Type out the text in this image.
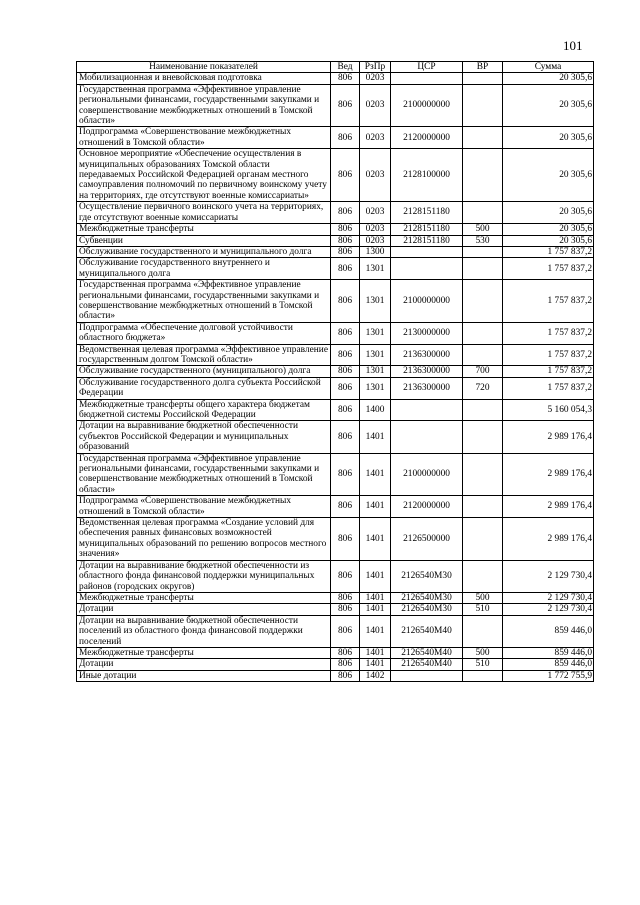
101
Наименование показателей	Вед	РзПр	ЦСР	ВР	Сумма
Мобилизационная и вневойсковая подготовка	806	0203			20 305,6
Государственная программа «Эффективное управление региональными финансами, государственными закупками и совершенствование межбюджетных отношений в Томской области»	806	0203	2100000000		20 305,6
Подпрограмма «Совершенствование межбюджетных отношений в Томской области»	806	0203	2120000000		20 305,6
Основное мероприятие «Обеспечение осуществления в муниципальных образованиях Томской области передаваемых Российской Федерацией органам местного самоуправления полномочий по первичному воинскому учету на территориях, где отсутствуют военные комиссариаты»	806	0203	2128100000		20 305,6
Осуществление первичного воинского учета на территориях, где отсутствуют военные комиссариаты	806	0203	2128151180		20 305,6
Межбюджетные трансферты	806	0203	2128151180	500	20 305,6
Субвенции	806	0203	2128151180	530	20 305,6
Обслуживание государственного и муниципального долга	806	1300			1 757 837,2
Обслуживание государственного внутреннего и муниципального долга	806	1301			1 757 837,2
Государственная программа «Эффективное управление региональными финансами, государственными закупками и совершенствование межбюджетных отношений в Томской области»	806	1301	2100000000		1 757 837,2
Подпрограмма «Обеспечение долговой устойчивости областного бюджета»	806	1301	2130000000		1 757 837,2
Ведомственная целевая программа «Эффективное управление государственным долгом Томской области»	806	1301	2136300000		1 757 837,2
Обслуживание государственного (муниципального) долга	806	1301	2136300000	700	1 757 837,2
Обслуживание государственного долга субъекта Российской Федерации	806	1301	2136300000	720	1 757 837,2
Межбюджетные трансферты общего характера бюджетам бюджетной системы Российской Федерации	806	1400			5 160 054,3
Дотации на выравнивание бюджетной обеспеченности субъектов Российской Федерации и муниципальных образований	806	1401			2 989 176,4
Государственная программа «Эффективное управление региональными финансами, государственными закупками и совершенствование межбюджетных отношений в Томской области»	806	1401	2100000000		2 989 176,4
Подпрограмма «Совершенствование межбюджетных отношений в Томской области»	806	1401	2120000000		2 989 176,4
Ведомственная целевая программа «Создание условий для обеспечения равных финансовых возможностей муниципальных образований по решению вопросов местного значения»	806	1401	2126500000		2 989 176,4
Дотации на выравнивание бюджетной обеспеченности из областного фонда финансовой поддержки муниципальных районов (городских округов)	806	1401	2126540М30		2 129 730,4
Межбюджетные трансферты	806	1401	2126540М30	500	2 129 730,4
Дотации	806	1401	2126540М30	510	2 129 730,4
Дотации на выравнивание бюджетной обеспеченности поселений из областного фонда финансовой поддержки поселений	806	1401	2126540М40		859 446,0
Межбюджетные трансферты	806	1401	2126540М40	500	859 446,0
Дотации	806	1401	2126540М40	510	859 446,0
Иные дотации	806	1402			1 772 755,9
